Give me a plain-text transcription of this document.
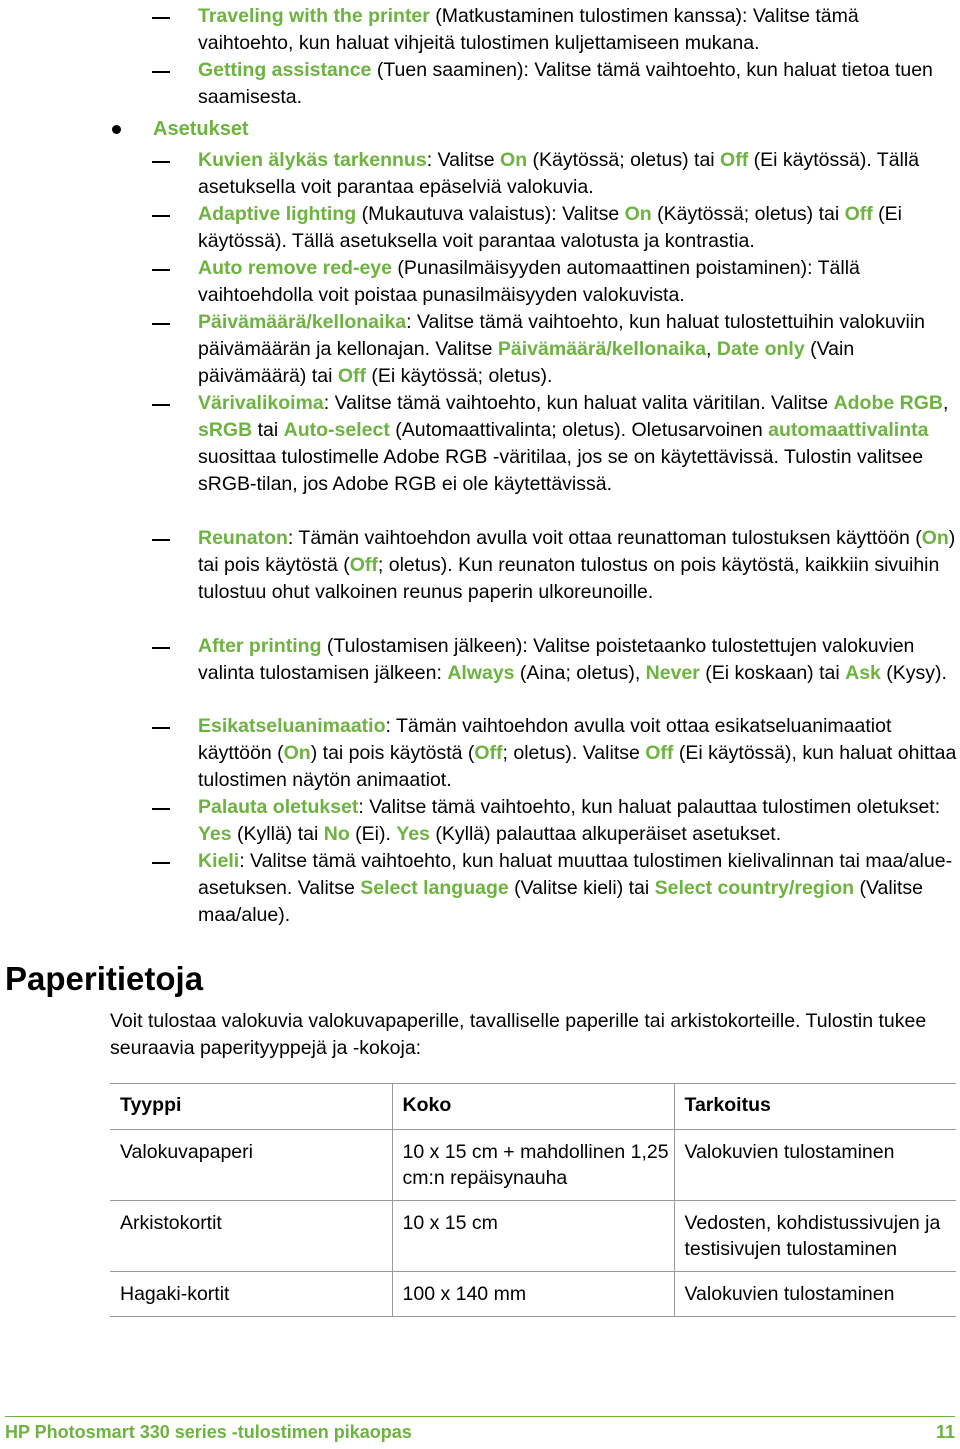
Traveling with the printer (Matkustaminen tulostimen kanssa): Valitse tämä vaihtoehto, kun haluat vihjeitä tulostimen kuljettamiseen mukana.
Getting assistance (Tuen saaminen): Valitse tämä vaihtoehto, kun haluat tietoa tuen saamisesta.
Asetukset
Kuvien älykäs tarkennus: Valitse On (Käytössä; oletus) tai Off (Ei käytössä). Tällä asetuksella voit parantaa epäselviä valokuvia.
Adaptive lighting (Mukautuva valaistus): Valitse On (Käytössä; oletus) tai Off (Ei käytössä). Tällä asetuksella voit parantaa valotusta ja kontrastia.
Auto remove red-eye (Punasilmäisyyden automaattinen poistaminen): Tällä vaihtoehdolla voit poistaa punasilmäisyyden valokuvista.
Päivämäärä/kellonaika: Valitse tämä vaihtoehto, kun haluat tulostettuihin valokuviin päivämäärän ja kellonajan. Valitse Päivämäärä/kellonaika, Date only (Vain päivämäärä) tai Off (Ei käytössä; oletus).
Värivalikoima: Valitse tämä vaihtoehto, kun haluat valita väritilan. Valitse Adobe RGB, sRGB tai Auto-select (Automaattivalinta; oletus). Oletusarvoinen automaattivalinta suosittaa tulostimelle Adobe RGB -väritilaa, jos se on käytettävissä. Tulostin valitsee sRGB-tilan, jos Adobe RGB ei ole käytettävissä.
Reunaton: Tämän vaihtoehdon avulla voit ottaa reunattoman tulostuksen käyttöön (On) tai pois käytöstä (Off; oletus). Kun reunaton tulostus on pois käytöstä, kaikkiin sivuihin tulostuu ohut valkoinen reunus paperin ulkoreunoille.
After printing (Tulostamisen jälkeen): Valitse poistetaanko tulostettujen valokuvien valinta tulostamisen jälkeen: Always (Aina; oletus), Never (Ei koskaan) tai Ask (Kysy).
Esikatseluanimaatio: Tämän vaihtoehdon avulla voit ottaa esikatseluanimaatiot käyttöön (On) tai pois käytöstä (Off; oletus). Valitse Off (Ei käytössä), kun haluat ohittaa tulostimen näytön animaatiot.
Palauta oletukset: Valitse tämä vaihtoehto, kun haluat palauttaa tulostimen oletukset: Yes (Kyllä) tai No (Ei). Yes (Kyllä) palauttaa alkuperäiset asetukset.
Kieli: Valitse tämä vaihtoehto, kun haluat muuttaa tulostimen kielivalinnan tai maa/alue-asetuksen. Valitse Select language (Valitse kieli) tai Select country/region (Valitse maa/alue).
Paperitietoja
Voit tulostaa valokuvia valokuvapaperille, tavalliselle paperille tai arkistokorteille. Tulostin tukee seuraavia paperityyppejä ja -kokoja:
Tyyppi	Koko	Tarkoitus
Valokuvapaperi	10 x 15 cm + mahdollinen 1,25 cm:n repäisynauha	Valokuvien tulostaminen
Arkistokortit	10 x 15 cm	Vedosten, kohdistussivujen ja testisivujen tulostaminen
Hagaki-kortit	100 x 140 mm	Valokuvien tulostaminen
HP Photosmart 330 series -tulostimen pikaopas	11
